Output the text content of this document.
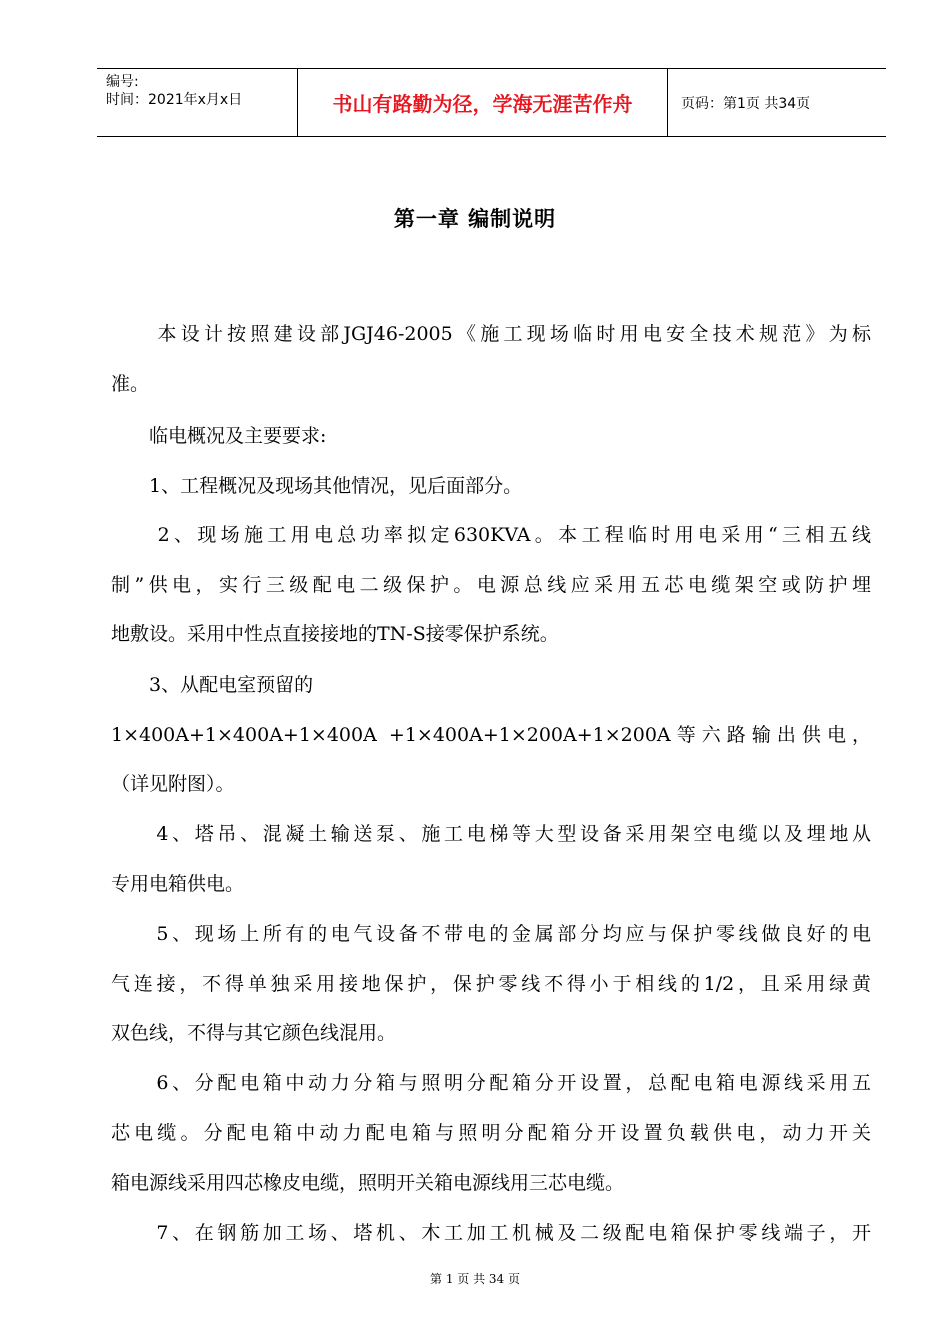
编号:
时间：2021年x月x日	书山有路勤为径，学海无涯苦作舟	页码：第1页 共34页
第一章 编制说明
　　本设计按照建设部JGJ46-2005《施工现场临时用电安全技术规范》为标
准。
　　临电概况及主要要求:
　　1、工程概况及现场其他情况，见后面部分。
　　2、现场施工用电总功率拟定630KVA。本工程临时用电采用“三相五线
制”供电，实行三级配电二级保护。电源总线应采用五芯电缆架空或防护埋
地敷设。采用中性点直接接地的TN-S接零保护系统。
　　3、从配电室预留的
1×400A+1×400A+1×400A +1×400A+1×200A+1×200A等六路输出供电，
（详见附图）。
　　4、塔吊、混凝土输送泵、施工电梯等大型设备采用架空电缆以及埋地从
专用电箱供电。
　　5、现场上所有的电气设备不带电的金属部分均应与保护零线做良好的电
气连接，不得单独采用接地保护，保护零线不得小于相线的1/2，且采用绿黄
双色线，不得与其它颜色线混用。
　　6、分配电箱中动力分箱与照明分配箱分开设置，总配电箱电源线采用五
芯电缆。分配电箱中动力配电箱与照明分配箱分开设置负载供电，动力开关
箱电源线采用四芯橡皮电缆，照明开关箱电源线用三芯电缆。
　　7、在钢筋加工场、塔机、木工加工机械及二级配电箱保护零线端子，开
第 1 页 共 34 页
